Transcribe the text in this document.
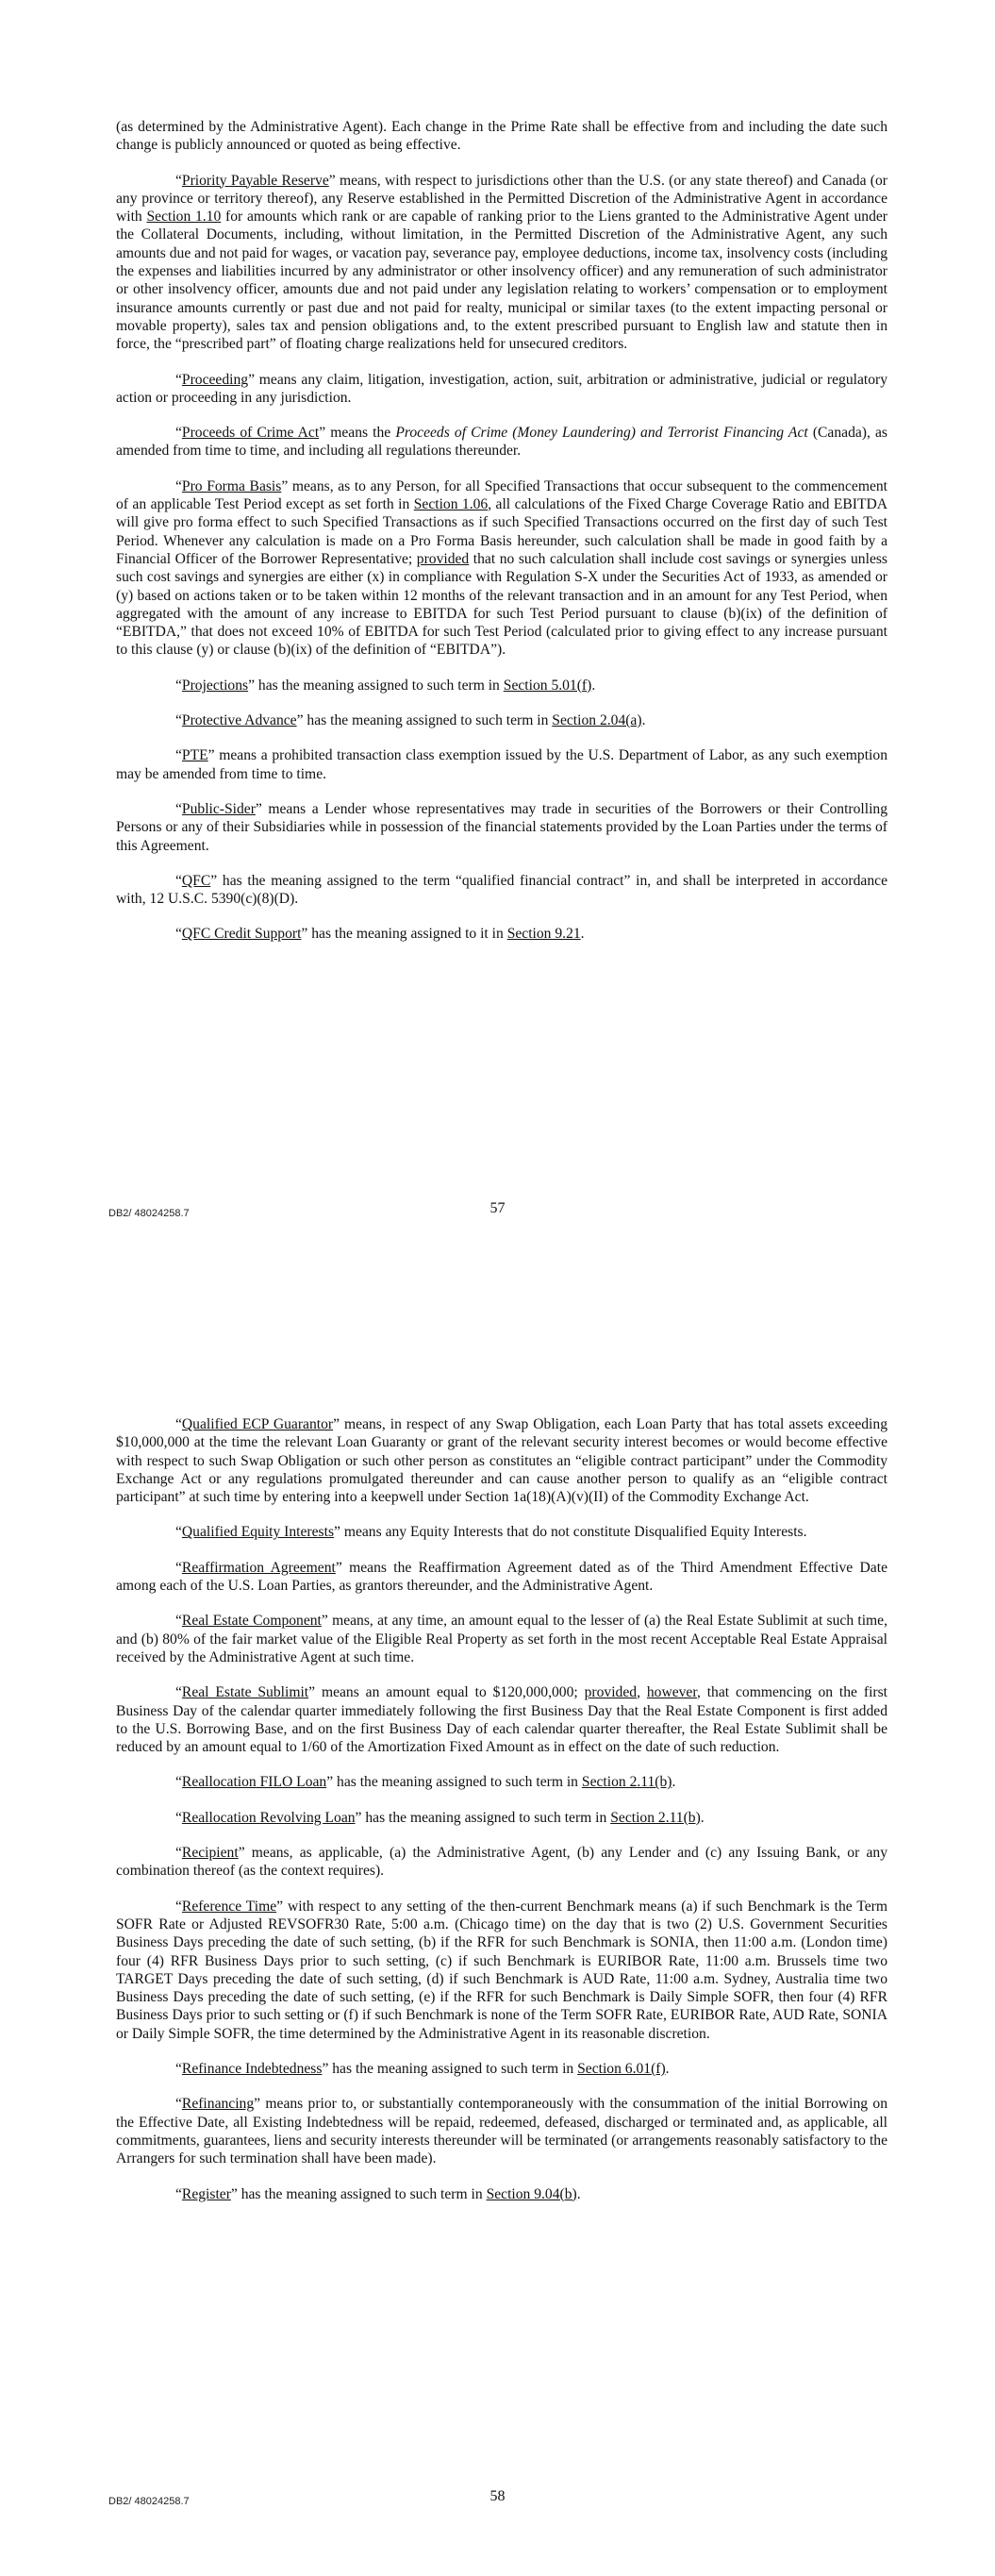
(as determined by the Administrative Agent). Each change in the Prime Rate shall be effective from and including the date such change is publicly announced or quoted as being effective.

“Priority Payable Reserve” means, with respect to jurisdictions other than the U.S. (or any state thereof) and Canada (or any province or territory thereof), any Reserve established in the Permitted Discretion of the Administrative Agent in accordance with Section 1.10 for amounts which rank or are capable of ranking prior to the Liens granted to the Administrative Agent under the Collateral Documents, including, without limitation, in the Permitted Discretion of the Administrative Agent, any such amounts due and not paid for wages, or vacation pay, severance pay, employee deductions, income tax, insolvency costs (including the expenses and liabilities incurred by any administrator or other insolvency officer) and any remuneration of such administrator or other insolvency officer, amounts due and not paid under any legislation relating to workers’ compensation or to employment insurance amounts currently or past due and not paid for realty, municipal or similar taxes (to the extent impacting personal or movable property), sales tax and pension obligations and, to the extent prescribed pursuant to English law and statute then in force, the “prescribed part” of floating charge realizations held for unsecured creditors.

“Proceeding” means any claim, litigation, investigation, action, suit, arbitration or administrative, judicial or regulatory action or proceeding in any jurisdiction.

“Proceeds of Crime Act” means the Proceeds of Crime (Money Laundering) and Terrorist Financing Act (Canada), as amended from time to time, and including all regulations thereunder.

“Pro Forma Basis” means, as to any Person, for all Specified Transactions that occur subsequent to the commencement of an applicable Test Period except as set forth in Section 1.06, all calculations of the Fixed Charge Coverage Ratio and EBITDA will give pro forma effect to such Specified Transactions as if such Specified Transactions occurred on the first day of such Test Period. Whenever any calculation is made on a Pro Forma Basis hereunder, such calculation shall be made in good faith by a Financial Officer of the Borrower Representative; provided that no such calculation shall include cost savings or synergies unless such cost savings and synergies are either (x) in compliance with Regulation S-X under the Securities Act of 1933, as amended or (y) based on actions taken or to be taken within 12 months of the relevant transaction and in an amount for any Test Period, when aggregated with the amount of any increase to EBITDA for such Test Period pursuant to clause (b)(ix) of the definition of “EBITDA,” that does not exceed 10% of EBITDA for such Test Period (calculated prior to giving effect to any increase pursuant to this clause (y) or clause (b)(ix) of the definition of “EBITDA”).

“Projections” has the meaning assigned to such term in Section 5.01(f).

“Protective Advance” has the meaning assigned to such term in Section 2.04(a).

“PTE” means a prohibited transaction class exemption issued by the U.S. Department of Labor, as any such exemption may be amended from time to time.

“Public-Sider” means a Lender whose representatives may trade in securities of the Borrowers or their Controlling Persons or any of their Subsidiaries while in possession of the financial statements provided by the Loan Parties under the terms of this Agreement.

“QFC” has the meaning assigned to the term “qualified financial contract” in, and shall be interpreted in accordance with, 12 U.S.C. 5390(c)(8)(D).

“QFC Credit Support” has the meaning assigned to it in Section 9.21.

DB2/ 48024258.7	57

“Qualified ECP Guarantor” means, in respect of any Swap Obligation, each Loan Party that has total assets exceeding $10,000,000 at the time the relevant Loan Guaranty or grant of the relevant security interest becomes or would become effective with respect to such Swap Obligation or such other person as constitutes an “eligible contract participant” under the Commodity Exchange Act or any regulations promulgated thereunder and can cause another person to qualify as an “eligible contract participant” at such time by entering into a keepwell under Section 1a(18)(A)(v)(II) of the Commodity Exchange Act.

“Qualified Equity Interests” means any Equity Interests that do not constitute Disqualified Equity Interests.

“Reaffirmation Agreement” means the Reaffirmation Agreement dated as of the Third Amendment Effective Date among each of the U.S. Loan Parties, as grantors thereunder, and the Administrative Agent.

“Real Estate Component” means, at any time, an amount equal to the lesser of (a) the Real Estate Sublimit at such time, and (b) 80% of the fair market value of the Eligible Real Property as set forth in the most recent Acceptable Real Estate Appraisal received by the Administrative Agent at such time.

“Real Estate Sublimit” means an amount equal to $120,000,000; provided, however, that commencing on the first Business Day of the calendar quarter immediately following the first Business Day that the Real Estate Component is first added to the U.S. Borrowing Base, and on the first Business Day of each calendar quarter thereafter, the Real Estate Sublimit shall be reduced by an amount equal to 1/60 of the Amortization Fixed Amount as in effect on the date of such reduction.

“Reallocation FILO Loan” has the meaning assigned to such term in Section 2.11(b).

“Reallocation Revolving Loan” has the meaning assigned to such term in Section 2.11(b).

“Recipient” means, as applicable, (a) the Administrative Agent, (b) any Lender and (c) any Issuing Bank, or any combination thereof (as the context requires).

“Reference Time” with respect to any setting of the then-current Benchmark means (a) if such Benchmark is the Term SOFR Rate or Adjusted REVSOFR30 Rate, 5:00 a.m. (Chicago time) on the day that is two (2) U.S. Government Securities Business Days preceding the date of such setting, (b) if the RFR for such Benchmark is SONIA, then 11:00 a.m. (London time) four (4) RFR Business Days prior to such setting, (c) if such Benchmark is EURIBOR Rate, 11:00 a.m. Brussels time two TARGET Days preceding the date of such setting, (d) if such Benchmark is AUD Rate, 11:00 a.m. Sydney, Australia time two Business Days preceding the date of such setting, (e) if the RFR for such Benchmark is Daily Simple SOFR, then four (4) RFR Business Days prior to such setting or (f) if such Benchmark is none of the Term SOFR Rate, EURIBOR Rate, AUD Rate, SONIA or Daily Simple SOFR, the time determined by the Administrative Agent in its reasonable discretion.

“Refinance Indebtedness” has the meaning assigned to such term in Section 6.01(f).

“Refinancing” means prior to, or substantially contemporaneously with the consummation of the initial Borrowing on the Effective Date, all Existing Indebtedness will be repaid, redeemed, defeased, discharged or terminated and, as applicable, all commitments, guarantees, liens and security interests thereunder will be terminated (or arrangements reasonably satisfactory to the Arrangers for such termination shall have been made).

“Register” has the meaning assigned to such term in Section 9.04(b).

DB2/ 48024258.7	58
